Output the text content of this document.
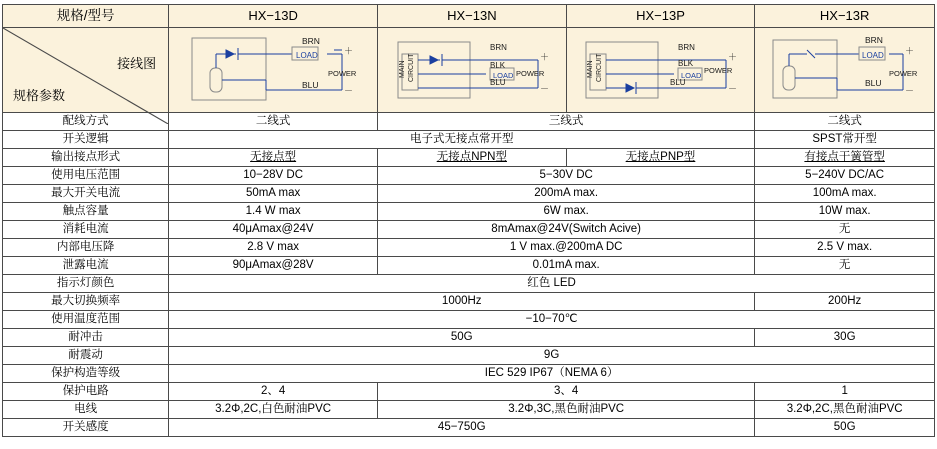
规格/型号	HX−13D	HX−13N	HX−13P	HX−13R

接线图
规格参数

BRN
LOAD
BLU
POWER
＋
－

MAIN CIRCUIT
BRN
BLK
BLU
LOAD POWER
＋
－

MAIN CIRCUIT
BRN
BLK
BLU
LOAD
POWER
＋
－

BRN
LOAD
BLU
POWER
＋
－

配线方式	二线式	三线式		二线式
开关逻辑	电子式无接点常开型			SPST常开型
输出接点形式	无接点型	无接点NPN型	无接点PNP型	有接点干簧管型
使用电压范围	10−28V DC	5−30V DC		5−240V DC/AC
最大开关电流	50mA max	200mA max.		100mA max.
触点容量	1.4 W max	6W max.		10W max.
消耗电流	40μAmax@24V	8mAmax@24V(Switch Acive)		无
内部电压降	2.8 V max	1 V max.@200mA DC		2.5 V max.
泄露电流	90μAmax@28V	0.01mA max.		无
指示灯颜色	红色 LED			
最大切换频率	1000Hz			200Hz
使用温度范围	−10−70℃			
耐冲击	50G			30G
耐震动	9G			
保护构造等级	IEC 529 IP67（NEMA 6）			
保护电路	2、4	3、4		1
电线	3.2Φ,2C,白色耐油PVC	3.2Φ,3C,黑色耐油PVC		3.2Φ,2C,黑色耐油PVC
开关感度	45−750G			50G
